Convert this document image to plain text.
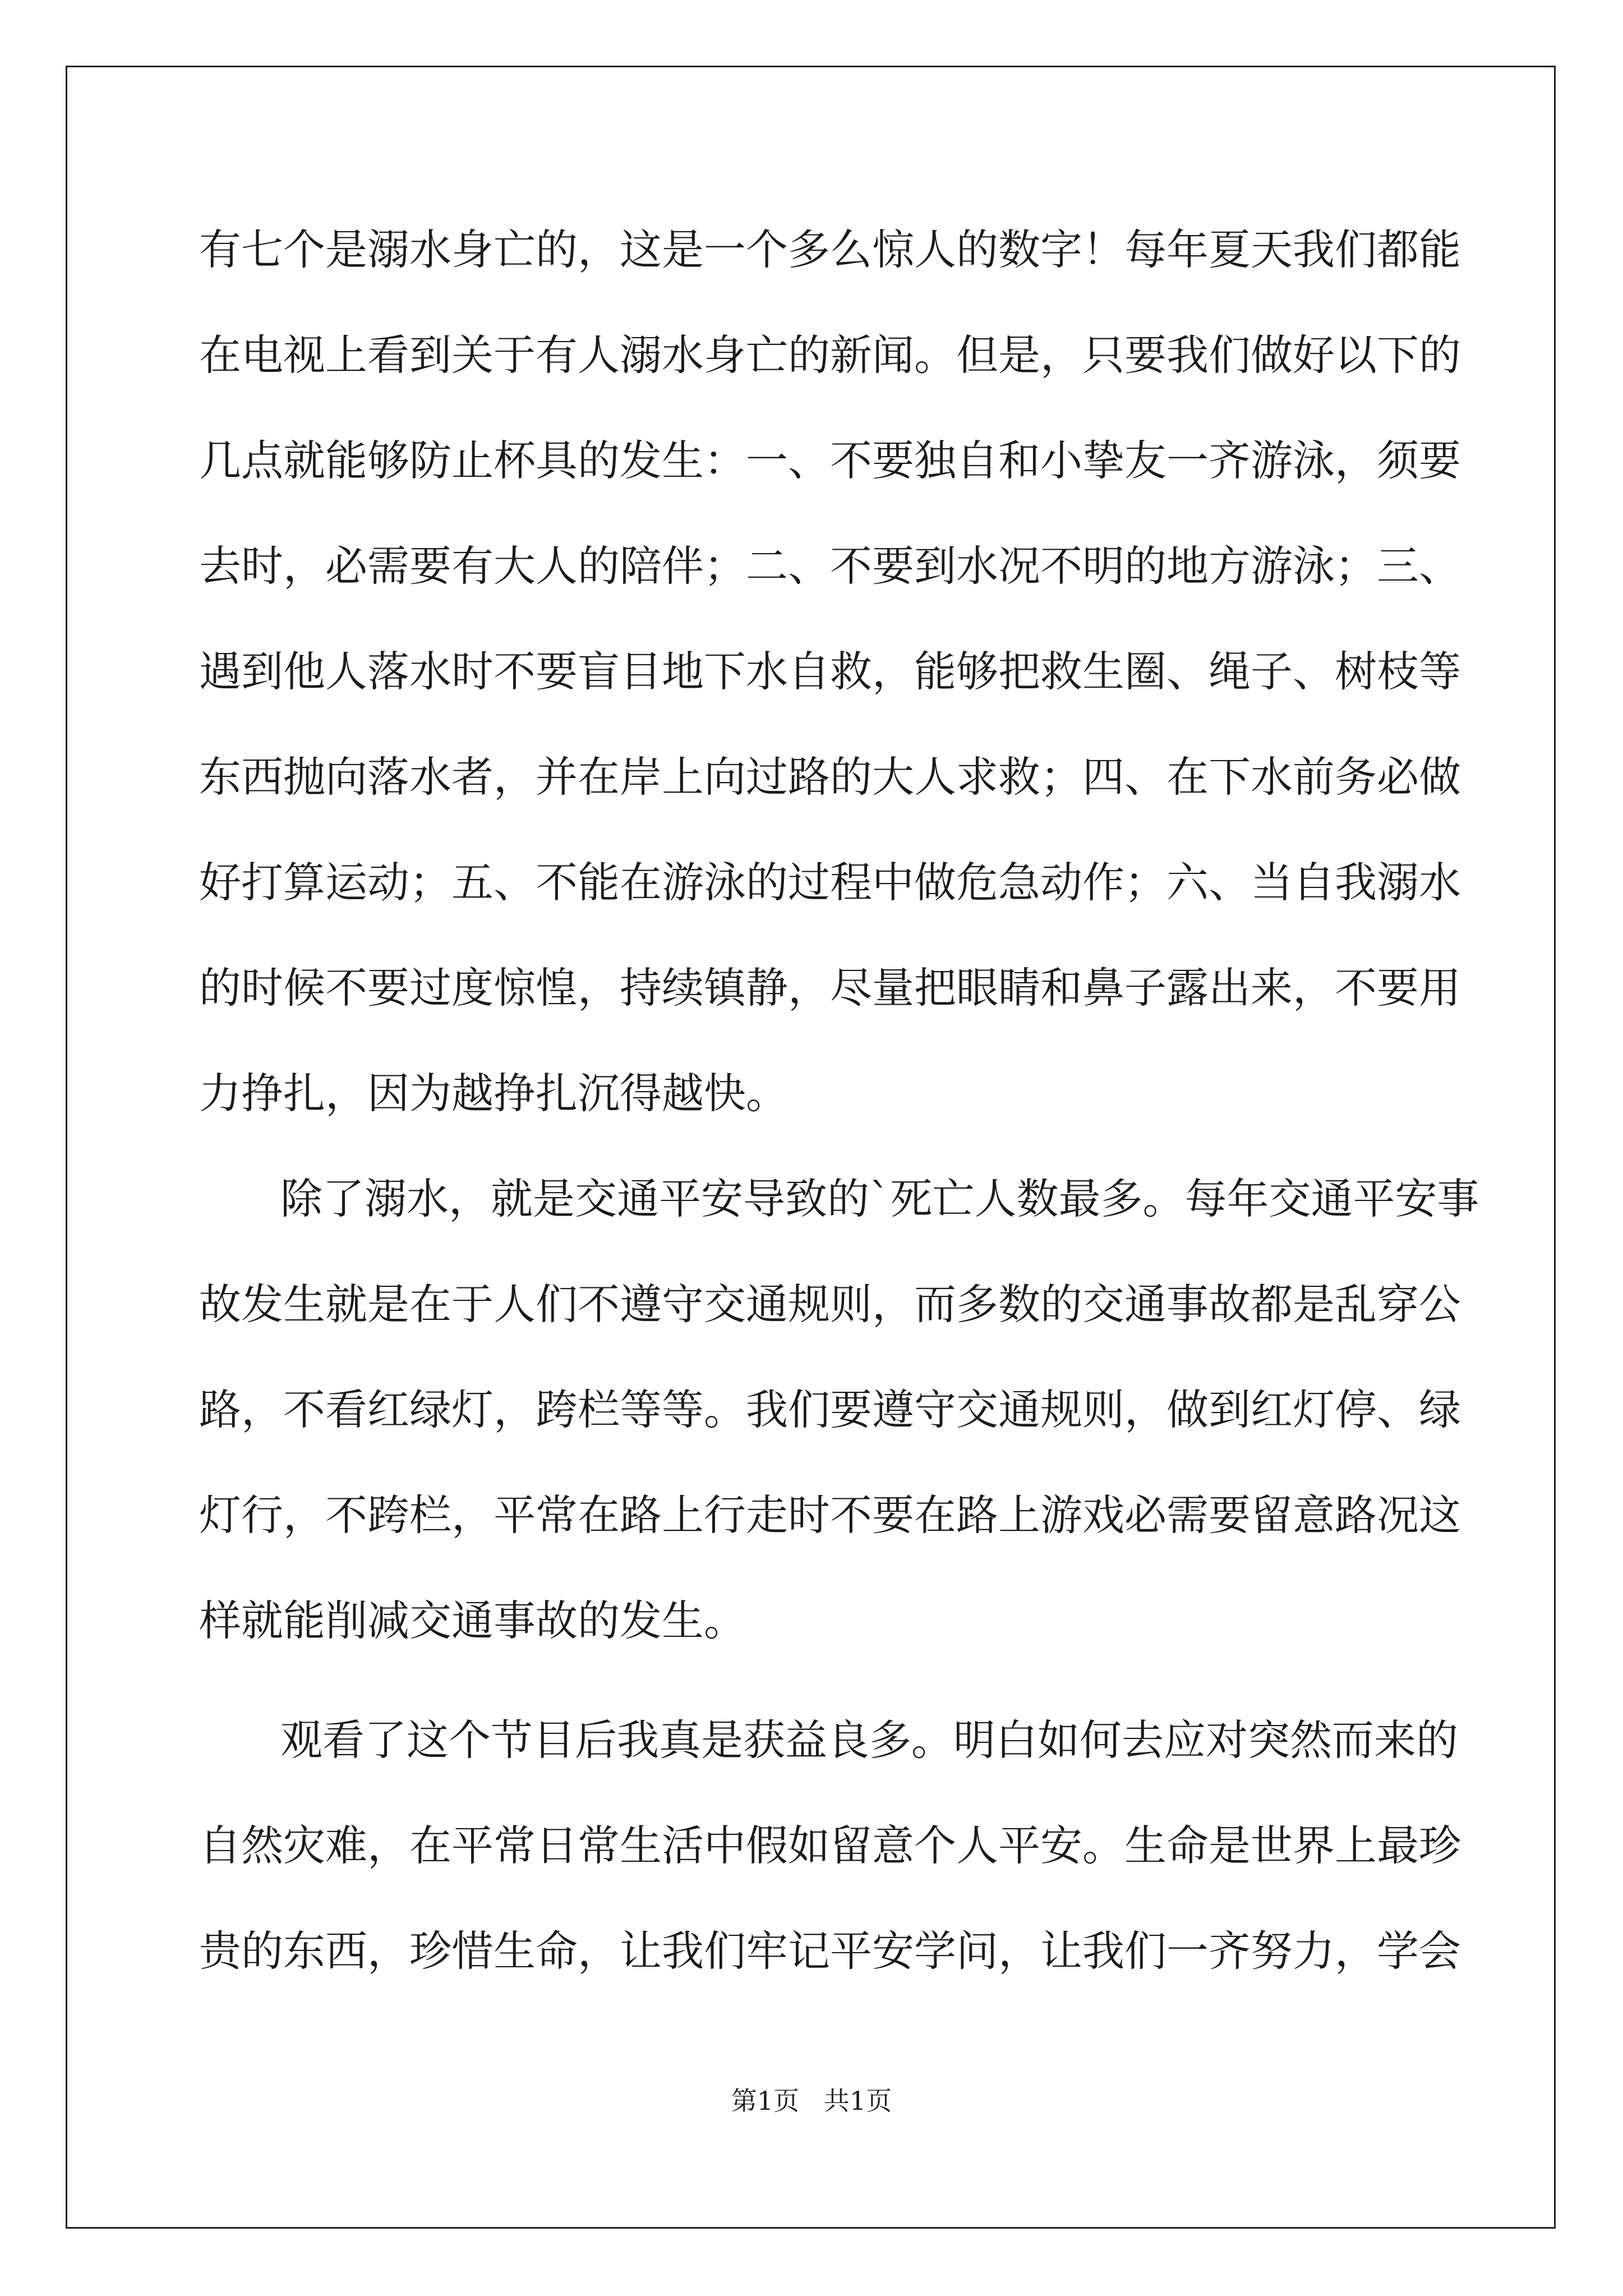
有七个是溺水身亡的，这是一个多么惊人的数字！每年夏天我们都能
在电视上看到关于有人溺水身亡的新闻。但是，只要我们做好以下的
几点就能够防止杯具的发生：一、不要独自和小挚友一齐游泳，须要
去时，必需要有大人的陪伴；二、不要到水况不明的地方游泳；三、
遇到他人落水时不要盲目地下水自救，能够把救生圈、绳子、树枝等
东西抛向落水者，并在岸上向过路的大人求救；四、在下水前务必做
好打算运动；五、不能在游泳的过程中做危急动作；六、当自我溺水
的时候不要过度惊惶，持续镇静，尽量把眼睛和鼻子露出来，不要用
力挣扎，因为越挣扎沉得越快。
除了溺水，就是交通平安导致的`死亡人数最多。每年交通平安事
故发生就是在于人们不遵守交通规则，而多数的交通事故都是乱穿公
路，不看红绿灯，跨栏等等。我们要遵守交通规则，做到红灯停、绿
灯行，不跨栏，平常在路上行走时不要在路上游戏必需要留意路况这
样就能削减交通事故的发生。
观看了这个节目后我真是获益良多。明白如何去应对突然而来的
自然灾难，在平常日常生活中假如留意个人平安。生命是世界上最珍
贵的东西，珍惜生命，让我们牢记平安学问，让我们一齐努力，学会
第1页   共1页
